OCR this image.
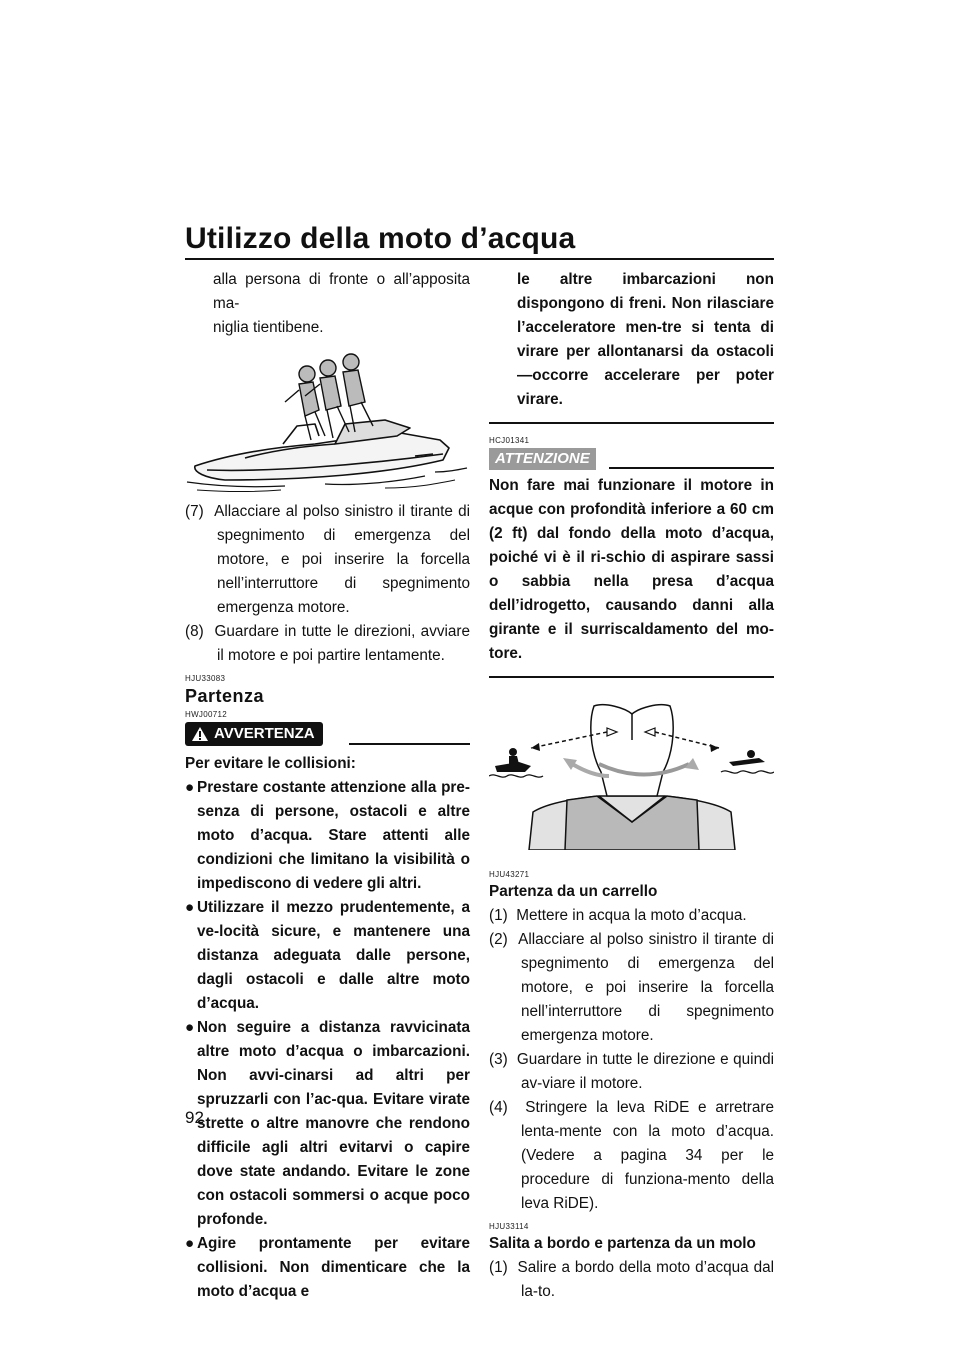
Utilizzo della moto d’acqua

alla persona di fronte o all’apposita ma-

niglia tientibene.

(7) Allacciare al polso sinistro il tirante di spegnimento di emergenza del motore, e poi inserire la forcella nell’interruttore di spegnimento emergenza motore.

(8) Guardare in tutte le direzioni, avviare il motore e poi partire lentamente.

HJU33083
Partenza
HWJ00712
AVVERTENZA

Per evitare le collisioni:

● Prestare costante attenzione alla pre-senza di persone, ostacoli e altre moto d’acqua. Stare attenti alle condizioni che limitano la visibilità o impediscono di vedere gli altri.

● Utilizzare il mezzo prudentemente, a ve-locità sicure, e mantenere una distanza adeguata dalle persone, dagli ostacoli e dalle altre moto d’acqua.

● Non seguire a distanza ravvicinata altre moto d’acqua o imbarcazioni. Non avvi-cinarsi ad altri per spruzzarli con l’ac-qua. Evitare virate strette o altre manovre che rendono difficile agli altri evitarvi o capire dove state andando. Evitare le zone con ostacoli sommersi o acque poco profonde.

● Agire prontamente per evitare collisioni. Non dimenticare che la moto d’acqua e

le altre imbarcazioni non dispongono di freni. Non rilasciare l’acceleratore men-tre si tenta di virare per allontanarsi da ostacoli—occorre accelerare per poter virare.

HCJ01341
ATTENZIONE

Non fare mai funzionare il motore in acque con profondità inferiore a 60 cm (2 ft) dal fondo della moto d’acqua, poiché vi è il ri-schio di aspirare sassi o sabbia nella presa d’acqua dell’idrogetto, causando danni alla girante e il surriscaldamento del mo-tore.

HJU43271
Partenza da un carrello

(1) Mettere in acqua la moto d’acqua.

(2) Allacciare al polso sinistro il tirante di spegnimento di emergenza del motore, e poi inserire la forcella nell’interruttore di spegnimento emergenza motore.

(3) Guardare in tutte le direzione e quindi av-viare il motore.

(4) Stringere la leva RiDE e arretrare lenta-mente con la moto d’acqua. (Vedere a pagina 34 per le procedure di funziona-mento della leva RiDE).

HJU33114
Salita a bordo e partenza da un molo

(1) Salire a bordo della moto d’acqua dal la-to.

92
